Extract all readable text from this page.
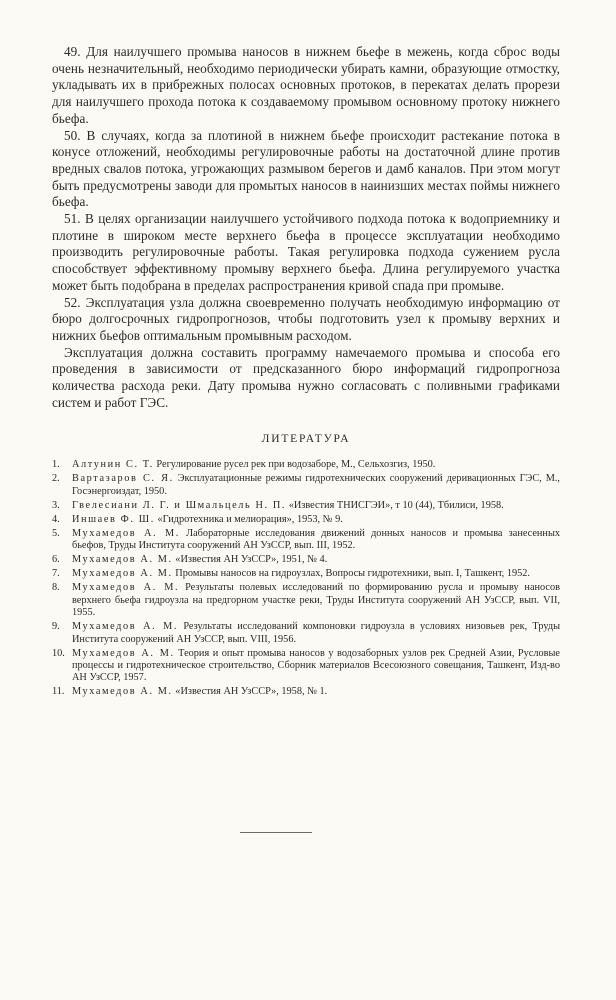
49. Для наилучшего промыва наносов в нижнем бьефе в межень, когда сброс воды очень незначительный, необходимо периодически убирать камни, образующие отмостку, укладывать их в прибрежных полосах основных протоков, в перекатах делать прорези для наилучшего прохода потока к создаваемому промывом основному протоку нижнего бьефа.

50. В случаях, когда за плотиной в нижнем бьефе происходит растекание потока в конусе отложений, необходимы регулировочные работы на достаточной длине против вредных свалов потока, угрожающих размывом берегов и дамб каналов. При этом могут быть предусмотрены заводи для промытых наносов в наинизших местах поймы нижнего бьефа.

51. В целях организации наилучшего устойчивого подхода потока к водоприемнику и плотине в широком месте верхнего бьефа в процессе эксплуатации необходимо производить регулировочные работы. Такая регулировка подхода сужением русла способствует эффективному промыву верхнего бьефа. Длина регулируемого участка может быть подобрана в пределах распространения кривой спада при промыве.

52. Эксплуатация узла должна своевременно получать необходимую информацию от бюро долгосрочных гидропрогнозов, чтобы подготовить узел к промыву верхних и нижних бьефов оптимальным промывным расходом.

Эксплуатация должна составить программу намечаемого промыва и способа его проведения в зависимости от предсказанного бюро информаций гидропрогноза количества расхода реки. Дату промыва нужно согласовать с поливными графиками систем и работ ГЭС.

ЛИТЕРАТУРА
1.	Алтунин С. Т. Регулирование русел рек при водозаборе, М., Сельхозгиз, 1950.
2.	Вартазаров С. Я. Эксплуатационные режимы гидротехнических сооружений деривационных ГЭС, М., Госэнергоиздат, 1950.
3.	Гвелесиани Л. Г. и Шмальцель Н. П. «Известия ТНИСГЭИ», т 10 (44), Тбилиси, 1958.
4.	Иншаев Ф. Ш. «Гидротехника и мелиорация», 1953, № 9.
5.	Мухамедов А. М. Лабораторные исследования движений донных наносов и промыва занесенных бьефов, Труды Института сооружений АН УзССР, вып. III, 1952.
6.	Мухамедов А. М. «Известия АН УзССР», 1951, № 4.
7.	Мухамедов А. М. Промывы наносов на гидроузлах, Вопросы гидротехники, вып. I, Ташкент, 1952.
8.	Мухамедов А. М. Результаты полевых исследований по формированию русла и промыву наносов верхнего бьефа гидроузла на предгорном участке реки, Труды Института сооружений АН УзССР, вып. VII, 1955.
9.	Мухамедов А. М. Результаты исследований компоновки гидроузла в условиях низовьев рек, Труды Института сооружений АН УзССР, вып. VIII, 1956.
10. Мухамедов А. М. Теория и опыт промыва наносов у водозаборных узлов рек Средней Азии, Русловые процессы и гидротехническое строительство, Сборник материалов Всесоюзного совещания, Ташкент, Изд-во АН УзССР, 1957.
11. Мухамедов А. М. «Известия АН УзССР», 1958, № 1.
